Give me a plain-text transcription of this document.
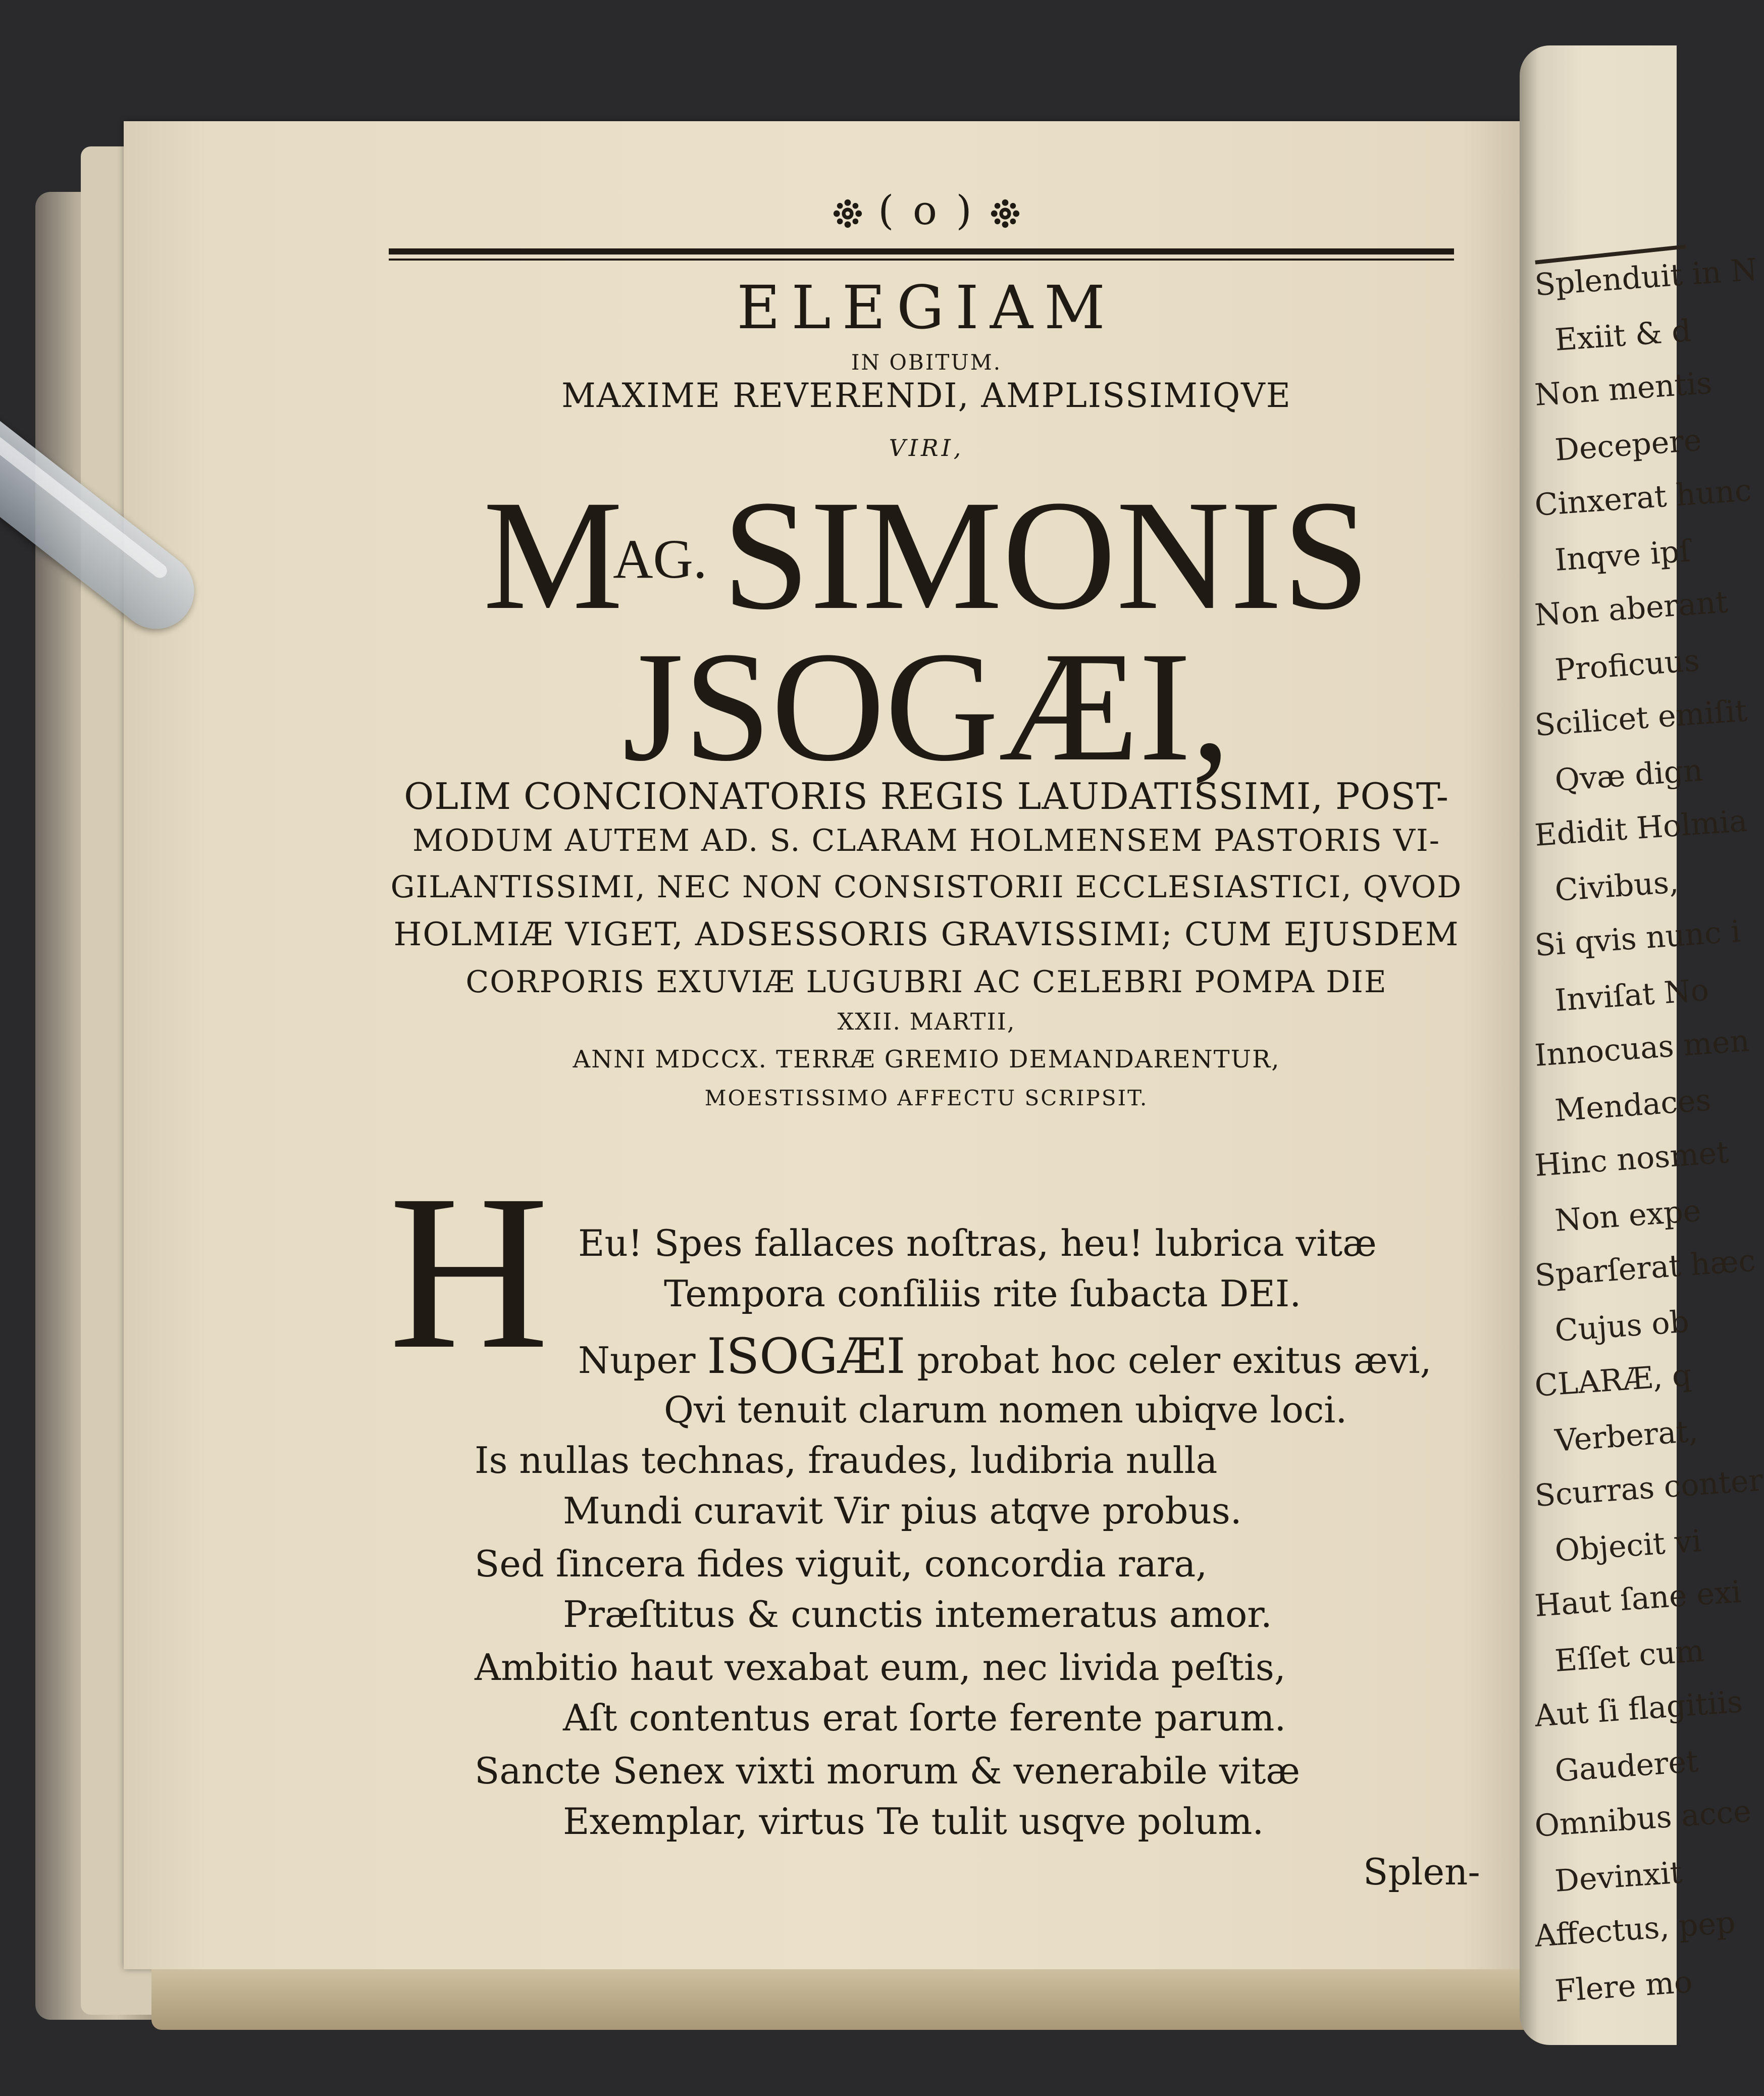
Splenduit in N
Exiit & d
Non mentis
Decepere
Cinxerat hunc
Inqve ipſ
Non aberant
Proficuus
Scilicet emiſit
Qvæ dign
Edidit Holmia
Civibus,
Si qvis nunc i
Inviſat No
Innocuas men
Mendaces
Hinc nosmet
Non expe
Sparſerat hæc
Cujus ob
CLARÆ, q
Verberat,
Scurras conter
Objecit vi
Haut ſane exi
Eſſet cum
Aut ſi flagitiis
Gauderet
Omnibus acce
Devinxit
Affectus, pep
Flere mo
( o )
ELEGIAM
IN OBITUM.
MAXIME REVERENDI, AMPLISSIMIQVE
VIRI,
MAG.SIMONIS
JSOGÆI,
OLIM CONCIONATORIS REGIS LAUDATISSIMI, POST-
MODUM AUTEM AD. S. CLARAM HOLMENSEM PASTORIS VI-
GILANTISSIMI, NEC NON CONSISTORII ECCLESIASTICI, QVOD
HOLMIÆ VIGET, ADSESSORIS GRAVISSIMI; CUM EJUSDEM
CORPORIS EXUVIÆ LUGUBRI AC CELEBRI POMPA DIE
XXII. MARTII,
ANNI MDCCX. TERRÆ GREMIO DEMANDARENTUR,
MOESTISSIMO AFFECTU SCRIPSIT.
H Eu! Spes fallaces noſtras, heu! lubrica vitæ
Tempora conſiliis rite ſubacta DEI.
Nuper ISOGÆI probat hoc celer exitus ævi,
Qvi tenuit clarum nomen ubiqve loci.
Is nullas technas, fraudes, ludibria nulla
Mundi curavit Vir pius atqve probus.
Sed ſincera fides viguit, concordia rara,
Præſtitus & cunctis intemeratus amor.
Ambitio haut vexabat eum, nec livida peſtis,
Aſt contentus erat ſorte ferente parum.
Sancte Senex vixti morum & venerabile vitæ
Exemplar, virtus Te tulit usqve polum.
Splen-
